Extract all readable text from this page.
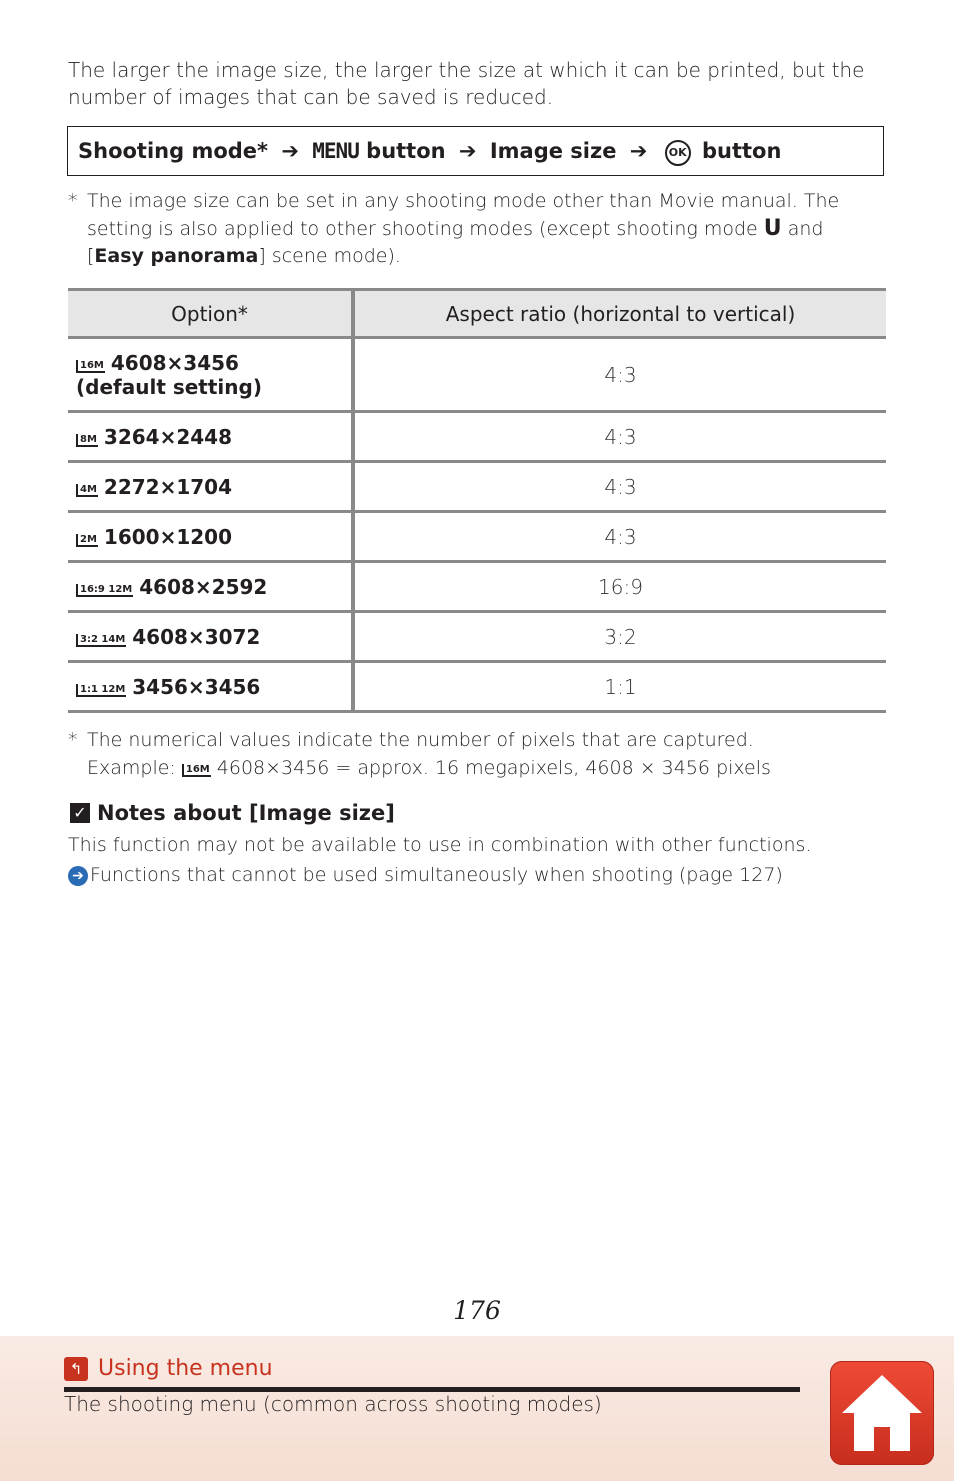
The larger the image size, the larger the size at which it can be printed, but the
number of images that can be saved is reduced.
Shooting mode* ➔ MENU button ➔ Image size ➔ OK button
* The image size can be set in any shooting mode other than Movie manual. The setting is also applied to other shooting modes (except shooting mode U and [Easy panorama] scene mode).
Option*	Aspect ratio (horizontal to vertical)
16M 4608×3456
(default setting)	4:3
8M 3264×2448	4:3
4M 2272×1704	4:3
2M 1600×1200	4:3
16:9 12M 4608×2592	16:9
3:2 14M 4608×3072	3:2
1:1 12M 3456×3456	1:1
* The numerical values indicate the number of pixels that are captured.
Example: 16M 4608×3456 = approx. 16 megapixels, 4608 × 3456 pixels
✓ Notes about [Image size]
This function may not be available to use in combination with other functions.
➔ Functions that cannot be used simultaneously when shooting (page 127)
176
↰ Using the menu
The shooting menu (common across shooting modes)
